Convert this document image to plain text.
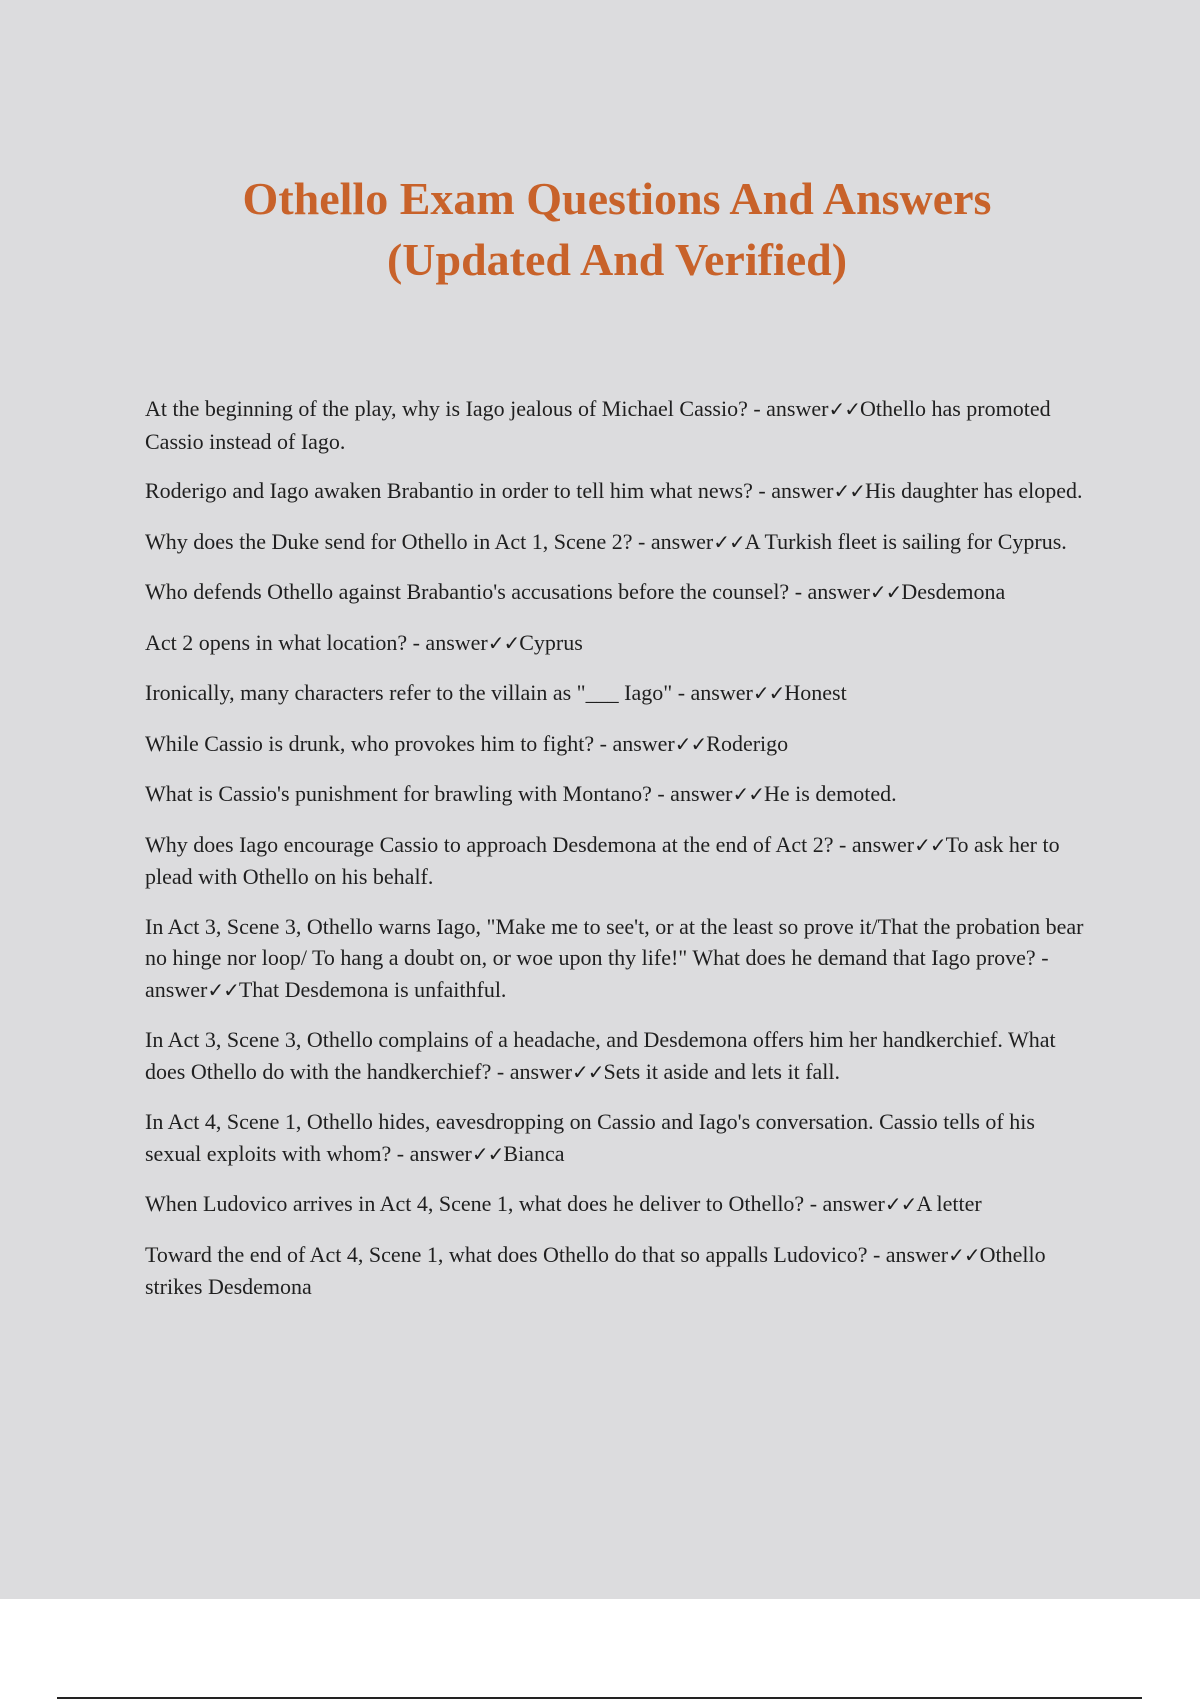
Othello Exam Questions And Answers
(Updated And Verified)
At the beginning of the play, why is Iago jealous of Michael Cassio? - answer✓✓Othello has promoted Cassio instead of Iago.
Roderigo and Iago awaken Brabantio in order to tell him what news? - answer✓✓His daughter has eloped.
Why does the Duke send for Othello in Act 1, Scene 2? - answer✓✓A Turkish fleet is sailing for Cyprus.
Who defends Othello against Brabantio's accusations before the counsel? - answer✓✓Desdemona
Act 2 opens in what location? - answer✓✓Cyprus
Ironically, many characters refer to the villain as "___ Iago" - answer✓✓Honest
While Cassio is drunk, who provokes him to fight? - answer✓✓Roderigo
What is Cassio's punishment for brawling with Montano? - answer✓✓He is demoted.
Why does Iago encourage Cassio to approach Desdemona at the end of Act 2? - answer✓✓To ask her to plead with Othello on his behalf.
In Act 3, Scene 3, Othello warns Iago, "Make me to see't, or at the least so prove it/That the probation bear no hinge nor loop/ To hang a doubt on, or woe upon thy life!" What does he demand that Iago prove? - answer✓✓That Desdemona is unfaithful.
In Act 3, Scene 3, Othello complains of a headache, and Desdemona offers him her handkerchief. What does Othello do with the handkerchief? - answer✓✓Sets it aside and lets it fall.
In Act 4, Scene 1, Othello hides, eavesdropping on Cassio and Iago's conversation. Cassio tells of his sexual exploits with whom? - answer✓✓Bianca
When Ludovico arrives in Act 4, Scene 1, what does he deliver to Othello? - answer✓✓A letter
Toward the end of Act 4, Scene 1, what does Othello do that so appalls Ludovico? - answer✓✓Othello strikes Desdemona
